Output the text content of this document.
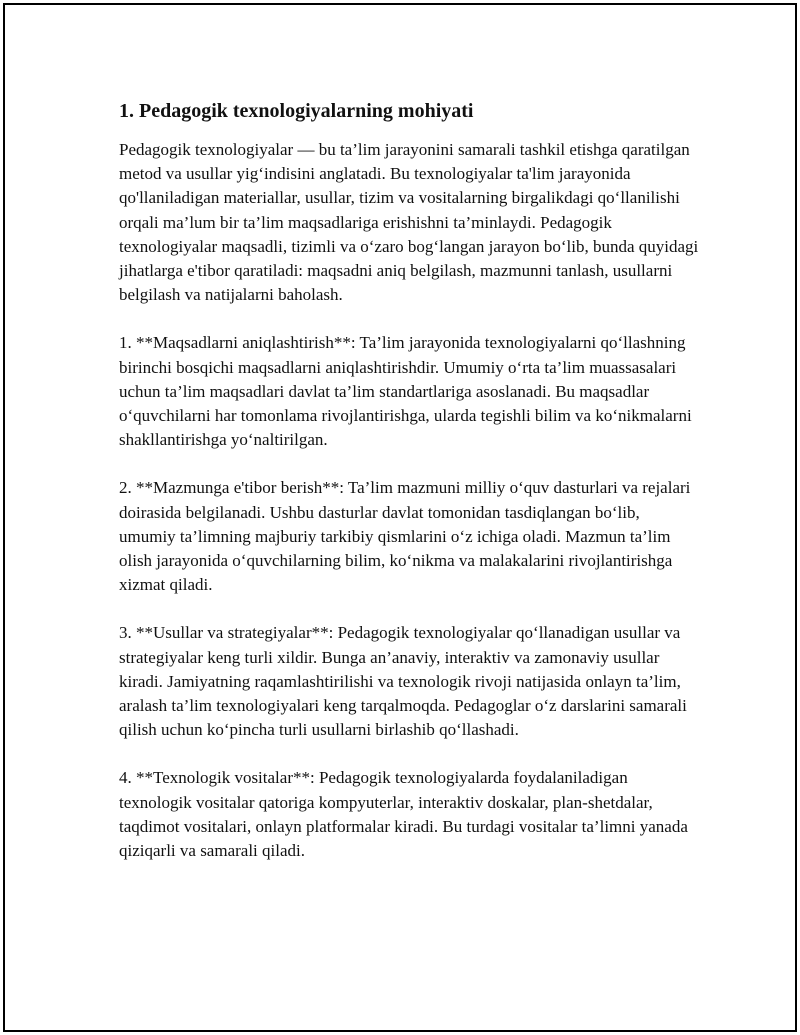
1. Pedagogik texnologiyalarning mohiyati

Pedagogik texnologiyalar — bu ta’lim jarayonini samarali tashkil etishga qaratilgan metod va usullar yig‘indisini anglatadi. Bu texnologiyalar ta'lim jarayonida qo'llaniladigan materiallar, usullar, tizim va vositalarning birgalikdagi qo‘llanilishi orqali ma’lum bir ta’lim maqsadlariga erishishni ta’minlaydi. Pedagogik texnologiyalar maqsadli, tizimli va o‘zaro bog‘langan jarayon bo‘lib, bunda quyidagi jihatlarga e'tibor qaratiladi: maqsadni aniq belgilash, mazmunni tanlash, usullarni belgilash va natijalarni baholash.

1. **Maqsadlarni aniqlashtirish**: Ta’lim jarayonida texnologiyalarni qo‘llashning birinchi bosqichi maqsadlarni aniqlashtirishdir. Umumiy o‘rta ta’lim muassasalari uchun ta’lim maqsadlari davlat ta’lim standartlariga asoslanadi. Bu maqsadlar o‘quvchilarni har tomonlama rivojlantirishga, ularda tegishli bilim va ko‘nikmalarni shakllantirishga yo‘naltirilgan.

2. **Mazmunga e'tibor berish**: Ta’lim mazmuni milliy o‘quv dasturlari va rejalari doirasida belgilanadi. Ushbu dasturlar davlat tomonidan tasdiqlangan bo‘lib, umumiy ta’limning majburiy tarkibiy qismlarini o‘z ichiga oladi. Mazmun ta’lim olish jarayonida o‘quvchilarning bilim, ko‘nikma va malakalarini rivojlantirishga xizmat qiladi.

3. **Usullar va strategiyalar**: Pedagogik texnologiyalar qo‘llanadigan usullar va strategiyalar keng turli xildir. Bunga an’anaviy, interaktiv va zamonaviy usullar kiradi. Jamiyatning raqamlashtirilishi va texnologik rivoji natijasida onlayn ta’lim, aralash ta’lim texnologiyalari keng tarqalmoqda. Pedagoglar o‘z darslarini samarali qilish uchun ko‘pincha turli usullarni birlashib qo‘llashadi.

4. **Texnologik vositalar**: Pedagogik texnologiyalarda foydalaniladigan texnologik vositalar qatoriga kompyuterlar, interaktiv doskalar, plan-shetdalar, taqdimot vositalari, onlayn platformalar kiradi. Bu turdagi vositalar ta’limni yanada qiziqarli va samarali qiladi.
